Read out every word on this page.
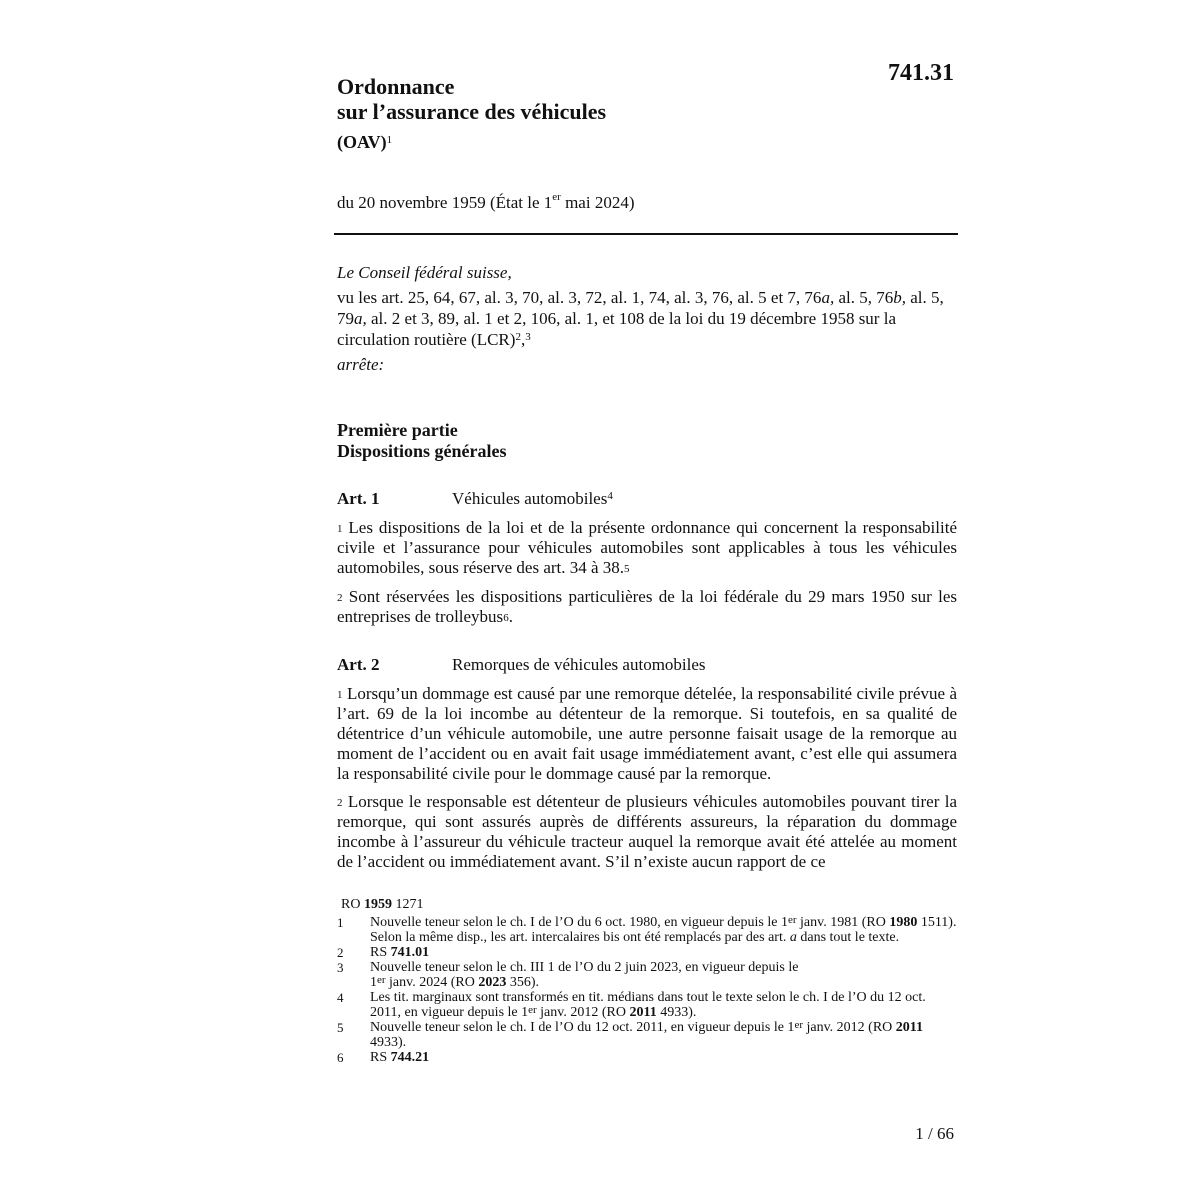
741.31
Ordonnance
sur l’assurance des véhicules
(OAV)$^1$
du 20 novembre 1959 (État le 1er mai 2024)

Le Conseil fédéral suisse,

vu les art. 25, 64, 67, al. 3, 70, al. 3, 72, al. 1, 74, al. 3, 76, al. 5 et 7, 76a, al. 5, 76b, al. 5, 79a, al. 2 et 3, 89, al. 1 et 2, 106, al. 1, et 108 de la loi du 19 décembre 1958 sur la circulation routière (LCR)$^2$,$^3$

arrête:

Première partie
Dispositions générales
Art. 1	Véhicules automobiles$^4$

$^1$ Les dispositions de la loi et de la présente ordonnance qui concernent la responsabilité civile et l’assurance pour véhicules automobiles sont applicables à tous les véhicules automobiles, sous réserve des art. 34 à 38.$^5$

$^2$ Sont réservées les dispositions particulières de la loi fédérale du 29 mars 1950 sur les entreprises de trolleybus$^6$.

Art. 2	Remorques de véhicules automobiles

$^1$ Lorsqu’un dommage est causé par une remorque dételée, la responsabilité civile prévue à l’art. 69 de la loi incombe au détenteur de la remorque. Si toutefois, en sa qualité de détentrice d’un véhicule automobile, une autre personne faisait usage de la remorque au moment de l’accident ou en avait fait usage immédiatement avant, c’est elle qui assumera la responsabilité civile pour le dommage causé par la remorque.

$^2$ Lorsque le responsable est détenteur de plusieurs véhicules automobiles pouvant tirer la remorque, qui sont assurés auprès de différents assureurs, la réparation du dommage incombe à l’assureur du véhicule tracteur auquel la remorque avait été attelée au moment de l’accident ou immédiatement avant. S’il n’existe aucun rapport de ce

RO 1959 1271
1	Nouvelle teneur selon le ch. I de l’O du 6 oct. 1980, en vigueur depuis le 1er janv. 1981 (RO 1980 1511). Selon la même disp., les art. intercalaires bis ont été remplacés par des art. a dans tout le texte.
2	RS 741.01
3	Nouvelle teneur selon le ch. III 1 de l’O du 2 juin 2023, en vigueur depuis le
1er janv. 2024 (RO 2023 356).
4	Les tit. marginaux sont transformés en tit. médians dans tout le texte selon le ch. I de l’O du 12 oct. 2011, en vigueur depuis le 1er janv. 2012 (RO 2011 4933).
5	Nouvelle teneur selon le ch. I de l’O du 12 oct. 2011, en vigueur depuis le 1er janv. 2012 (RO 2011 4933).
6	RS 744.21
1 / 66
